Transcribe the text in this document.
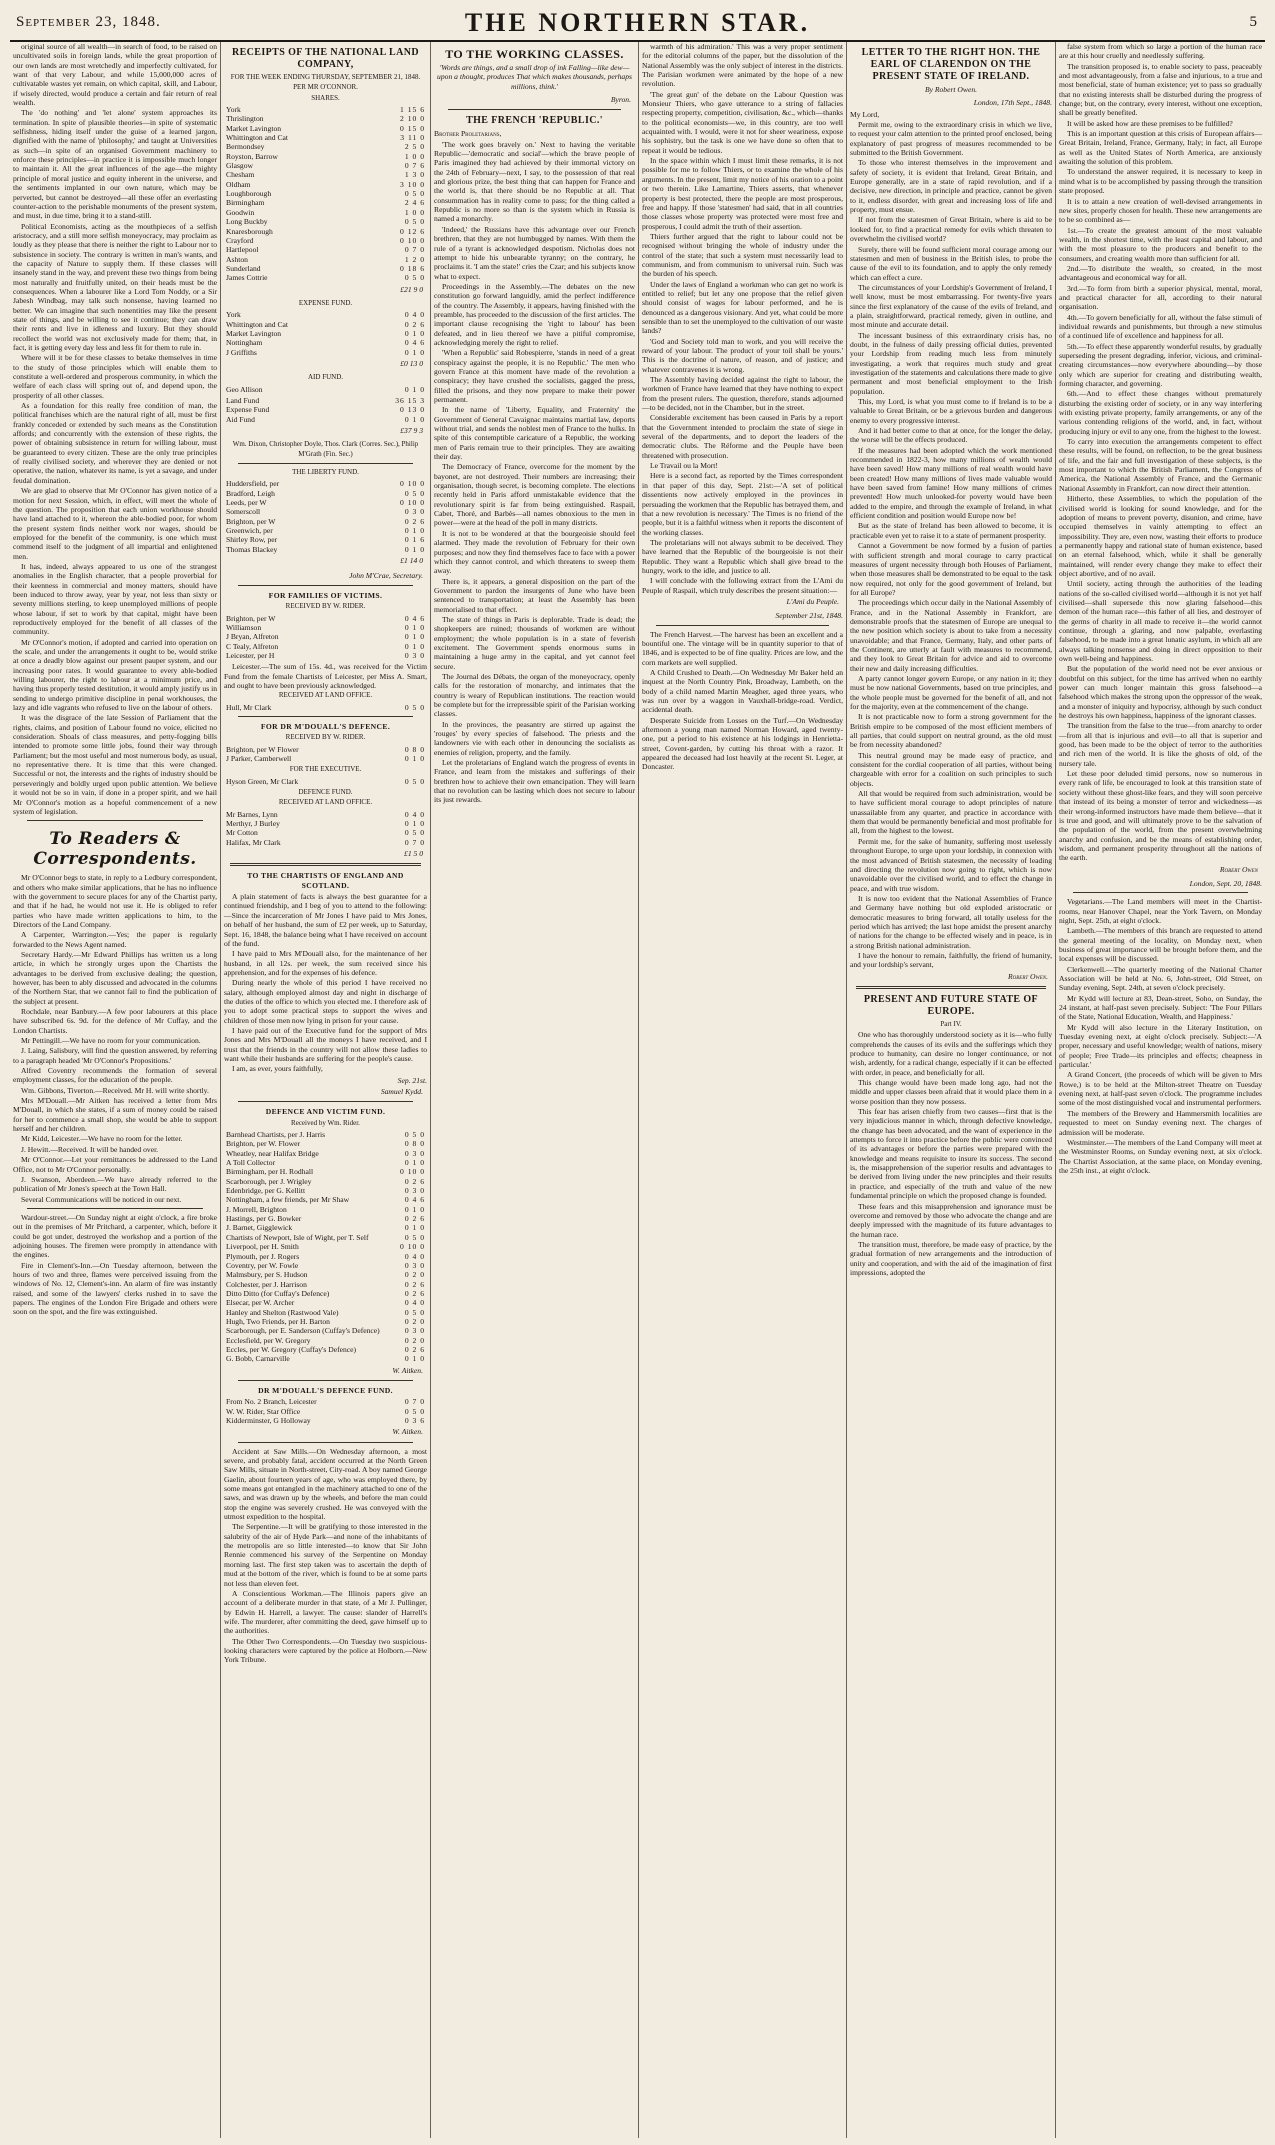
September 23, 1848.	THE NORTHERN STAR.	5

original source of all wealth—in search of food, to be raised on uncultivated soils in foreign lands, while the great proportion of our own lands are most wretchedly and imperfectly cultivated, for want of that very Labour, and while 15,000,000 acres of cultivatable wastes yet remain, on which capital, skill, and Labour, if wisely directed, would produce a certain and fair return of real wealth.

The 'do nothing' and 'let alone' system approaches its termination. In spite of plausible theories—in spite of systematic selfishness, hiding itself under the guise of a learned jargon, dignified with the name of 'philosophy,' and taught at Universities as such—in spite of an organised Government machinery to enforce these principles—in practice it is impossible much longer to maintain it. All the great influences of the age—the mighty principle of moral justice and equity inherent in the universe, and the sentiments implanted in our own nature, which may be perverted, but cannot be destroyed—all these offer an everlasting counter-action to the perishable monuments of the present system, and must, in due time, bring it to a stand-still.

Political Economists, acting as the mouthpieces of a selfish aristocracy, and a still more selfish moneyocracy, may proclaim as loudly as they please that there is neither the right to Labour nor to subsistence in society. The contrary is written in man's wants, and the capacity of Nature to supply them. If these classes will insanely stand in the way, and prevent these two things from being most naturally and fruitfully united, on their heads must be the consequences. When a labourer like a Lord Tom Noddy, or a Sir Jabesh Windbag, may talk such nonsense, having learned no better. We can imagine that such nonentities may like the present state of things, and be willing to see it continue; they can draw their rents and live in idleness and luxury. But they should recollect the world was not exclusively made for them; that, in fact, it is getting every day less and less fit for them to rule in.

Where will it be for these classes to betake themselves in time to the study of those principles which will enable them to constitute a well-ordered and prosperous community, in which the welfare of each class will spring out of, and depend upon, the prosperity of all other classes.

As a foundation for this really free condition of man, the political franchises which are the natural right of all, must be first frankly conceded or extended by such means as the Constitution affords; and concurrently with the extension of these rights, the power of obtaining subsistence in return for willing labour, must be guaranteed to every citizen. These are the only true principles of really civilised society, and wherever they are denied or not operative, the nation, whatever its name, is yet a savage, and under feudal domination.

We are glad to observe that Mr O'Connor has given notice of a motion for next Session, which, in effect, will meet the whole of the question. The proposition that each union workhouse should have land attached to it, whereon the able-bodied poor, for whom the present system finds neither work nor wages, should be employed for the benefit of the community, is one which must commend itself to the judgment of all impartial and enlightened men.

It has, indeed, always appeared to us one of the strangest anomalies in the English character, that a people proverbial for their keenness in commercial and money matters, should have been induced to throw away, year by year, not less than sixty or seventy millions sterling, to keep unemployed millions of people whose labour, if set to work by that capital, might have been reproductively employed for the benefit of all classes of the community.

Mr O'Connor's motion, if adopted and carried into operation on the scale, and under the arrangements it ought to be, would strike at once a deadly blow against our present pauper system, and our increasing poor rates. It would guarantee to every able-bodied willing labourer, the right to labour at a minimum price, and having thus properly tested destitution, it would amply justify us in sending to undergo primitive discipline in penal workhouses, the lazy and idle vagrants who refused to live on the labour of others.

It was the disgrace of the late Session of Parliament that the rights, claims, and position of Labour found no voice, elicited no consideration. Shoals of class measures, and petty-fogging bills intended to promote some little jobs, found their way through Parliament; but the most useful and most numerous body, as usual, no representative there. It is time that this were changed. Successful or not, the interests and the rights of industry should be perseveringly and boldly urged upon public attention. We believe it would not be so in vain, if done in a proper spirit, and we hail Mr O'Connor's motion as a hopeful commencement of a new system of legislation.

To Readers & Correspondents.

Mr O'Connor begs to state, in reply to a Ledbury correspondent, and others who make similar applications, that he has no influence with the government to secure places for any of the Chartist party, and that if he had, he would not use it. He is obliged to refer parties who have made written applications to him, to the Directors of the Land Company.

A Carpenter, Warrington.—Yes; the paper is regularly forwarded to the News Agent named.

Secretary Hardy.—Mr Edward Phillips has written us a long article, in which he strongly urges upon the Chartists the advantages to be derived from exclusive dealing; the question, however, has been to ably discussed and advocated in the columns of the Northern Star, that we cannot fail to find the publication of the subject at present.

Rochdale, near Banbury.—A few poor labourers at this place have subscribed 6s. 9d. for the defence of Mr Cuffay, and the London Chartists.

Mr Pettingill.—We have no room for your communication.

J. Laing, Salisbury, will find the question answered, by referring to a paragraph headed 'Mr O'Connor's Propositions.'

Alfred Coventry recommends the formation of several employment classes, for the education of the people.

Wm. Gibbons, Tiverton.—Received. Mr H. will write shortly.

Mrs M'Douall.—Mr Aitken has received a letter from Mrs M'Douall, in which she states, if a sum of money could be raised for her to commence a small shop, she would be able to support herself and her children.

Mr Kidd, Leicester.—We have no room for the letter.

J. Hewitt.—Received. It will be handed over.

Mr O'Connor.—Let your remittances be addressed to the Land Office, not to Mr O'Connor personally.

J. Swanson, Aberdeen.—We have already referred to the publication of Mr Jones's speech at the Town Hall.

Several Communications will be noticed in our next.

Wardour-street.—On Sunday night at eight o'clock, a fire broke out in the premises of Mr Pritchard, a carpenter, which, before it could be got under, destroyed the workshop and a portion of the adjoining houses. The firemen were promptly in attendance with the engines.

Fire in Clement's-Inn.—On Tuesday afternoon, between the hours of two and three, flames were perceived issuing from the windows of No. 12, Clement's-inn. An alarm of fire was instantly raised, and some of the lawyers' clerks rushed in to save the papers. The engines of the London Fire Brigade and others were soon on the spot, and the fire was extinguished.

RECEIPTS OF THE NATIONAL LAND COMPANY,
FOR THE WEEK ENDING THURSDAY, SEPTEMBER 21, 1848.
PER MR O'CONNOR.
SHARES.
York	1 15 6
Thrislington	2 10 0
Market Lavington	0 15 0
Whittington and Cat	3 11 0
Bermondsey	2 5 0
Royston, Barrow	1 0 0
Glasgow	0 7 6
Chesham	1 3 0
Oldham	3 10 0
Loughborough	0 5 0
Birmingham	2 4 6
Goodwin	1 0 0
Long Buckby	0 5 0
Knaresborough	0 12 6
Crayford	0 10 0
Hartlepool	0 7 0
Ashton	1 2 0
Sunderland	0 18 6
James Cottrie	0 5 0
£21 9 0
EXPENSE FUND.
York	0 4 0
Whittington and Cat	0 2 6
Market Lavington	0 1 0
Nottingham	0 4 6
J Griffiths	0 1 0
£0 13 0
AID FUND.
Geo Allison	0 1 0
Land Fund	36 15 3
Expense Fund	0 13 0
Aid Fund	0 1 0
£37 9 3
Wm. Dixon, Christopher Doyle, Thos. Clark (Corres. Sec.), Philip M'Grath (Fin. Sec.)
THE LIBERTY FUND.
Huddersfield, per	0 10 0
Bradford, Leigh	0 5 0
Leeds, per W	0 10 0
Somerscoll	0 3 0
Brighton, per W	0 2 6
Greenwich, per	0 1 0
Shirley Row, per	0 1 6
Thomas Blackey	0 1 0
£1 14 0
John M'Crae, Secretary.
FOR FAMILIES OF VICTIMS.
RECEIVED BY W. RIDER.
Brighton, per W	0 4 6
Williamson	0 1 0
J Bryan, Alfreton	0 1 0
C Tealy, Alfreton	0 1 0
Leicester, per H	0 3 0

Leicester.—The sum of 15s. 4d., was received for the Victim Fund from the female Chartists of Leicester, per Miss A. Smart, and ought to have been previously acknowledged.

RECEIVED AT LAND OFFICE.
Hull, Mr Clark	0 5 0
FOR DR M'DOUALL'S DEFENCE.
RECEIVED BY W. RIDER.
Brighton, per W Flower	0 8 0
J Parker, Camberwell	0 1 0
FOR THE EXECUTIVE.
Hyson Green, Mr Clark	0 5 0
DEFENCE FUND.
RECEIVED AT LAND OFFICE.
Mr Barnes, Lynn	0 4 0
Merthyr, J Burley	0 1 0
Mr Cotton	0 5 0
Halifax, Mr Clark	0 7 0
£1 5 0
TO THE CHARTISTS OF ENGLAND AND SCOTLAND.

A plain statement of facts is always the best guarantee for a continued friendship, and I beg of you to attend to the following:—Since the incarceration of Mr Jones I have paid to Mrs Jones, on behalf of her husband, the sum of £2 per week, up to Saturday, Sept. 16, 1848, the balance being what I have received on account of the fund.

I have paid to Mrs M'Douall also, for the maintenance of her husband, in all 12s. per week, the sum received since his apprehension, and for the expenses of his defence.

During nearly the whole of this period I have received no salary, although employed almost day and night in discharge of the duties of the office to which you elected me. I therefore ask of you to adopt some practical steps to support the wives and children of those men now lying in prison for your cause.

I have paid out of the Executive fund for the support of Mrs Jones and Mrs M'Douall all the moneys I have received, and I trust that the friends in the country will not allow these ladies to want while their husbands are suffering for the people's cause.

I am, as ever, yours faithfully,

Sep. 21st.
Samuel Kydd.
DEFENCE AND VICTIM FUND.
Received by Wm. Rider.
Barnhead Chartists, per J. Harris	0 5 0
Brighton, per W. Flower	0 8 0
Wheatley, near Halifax Bridge	0 3 0
A Toll Collector	0 1 0
Birmingham, per H. Rodhall	0 10 0
Scarborough, per J. Wrigley	0 2 6
Edenbridge, per G. Kellitt	0 3 0
Nottingham, a few friends, per Mr Shaw	0 4 6
J. Morrell, Brighton	0 1 0
Hastings, per G. Bowker	0 2 6
J. Barnet, Gigglewick	0 1 0
Chartists of Newport, Isle of Wight, per T. Self	0 5 0
Liverpool, per H. Smith	0 10 0
Plymouth, per J. Rogers	0 4 0
Coventry, per W. Fowle	0 3 0
Malmsbury, per S. Hudson	0 2 0
Colchester, per J. Harrison	0 2 6
Ditto Ditto (for Cuffay's Defence)	0 2 6
Elsecar, per W. Archer	0 4 0
Hanley and Shelton (Rastwood Vale)	0 5 0
Hugh, Two Friends, per H. Barton	0 2 0
Scarborough, per E. Sanderson (Cuffay's Defence)	0 3 0
Ecclesfield, per W. Gregory	0 2 0
Eccles, per W. Gregory (Cuffay's Defence)	0 2 6
G. Bobb, Carnarville	0 1 0
W. Aitken.
DR M'DOUALL'S DEFENCE FUND.
From No. 2 Branch, Leicester	0 7 0
W. W. Rider, Star Office	0 5 0
Kidderminster, G Holloway	0 3 6
W. Aitken.

Accident at Saw Mills.—On Wednesday afternoon, a most severe, and probably fatal, accident occurred at the North Green Saw Mills, situate in North-street, City-road. A boy named George Gaelin, about fourteen years of age, who was employed there, by some means got entangled in the machinery attached to one of the saws, and was drawn up by the wheels, and before the man could stop the engine was severely crushed. He was conveyed with the utmost expedition to the hospital.

The Serpentine.—It will be gratifying to those interested in the salubrity of the air of Hyde Park—and none of the inhabitants of the metropolis are so little interested—to know that Sir John Rennie commenced his survey of the Serpentine on Monday morning last. The first step taken was to ascertain the depth of mud at the bottom of the river, which is found to be at some parts not less than eleven feet.

A Conscientious Workman.—The Illinois papers give an account of a deliberate murder in that state, of a Mr J. Pullinger, by Edwin H. Harrell, a lawyer. The cause: slander of Harrell's wife. The murderer, after committing the deed, gave himself up to the authorities.

The Other Two Correspondents.—On Tuesday two suspicious-looking characters were captured by the police at Holborn.—New York Tribune.

TO THE WORKING CLASSES.
'Words are things, and a small drop of ink Falling—like dew—upon a thought, produces That which makes thousands, perhaps millions, think.'
Byron.
THE FRENCH 'REPUBLIC.'

Brother Proletarians,

'The work goes bravely on.' Next to having the veritable Republic—'democratic and social'—which the brave people of Paris imagined they had achieved by their immortal victory on the 24th of February—next, I say, to the possession of that real and glorious prize, the best thing that can happen for France and the world is, that there should be no Republic at all. That consummation has in reality come to pass; for the thing called a Republic is no more so than is the system which in Russia is named a monarchy.

'Indeed,' the Russians have this advantage over our French brethren, that they are not humbugged by names. With them the rule of a tyrant is acknowledged despotism. Nicholas does not attempt to hide his unbearable tyranny; on the contrary, he proclaims it. 'I am the state!' cries the Czar; and his subjects know what to expect.

Proceedings in the Assembly.—The debates on the new constitution go forward languidly, amid the perfect indifference of the country. The Assembly, it appears, having finished with the preamble, has proceeded to the discussion of the first articles. The important clause recognising the 'right to labour' has been defeated, and in lieu thereof we have a pitiful compromise, acknowledging merely the right to relief.

'When a Republic' said Robespierre, 'stands in need of a great conspiracy against the people, it is no Republic.' The men who govern France at this moment have made of the revolution a conspiracy; they have crushed the socialists, gagged the press, filled the prisons, and they now prepare to make their power permanent.

In the name of 'Liberty, Equality, and Fraternity' the Government of General Cavaignac maintains martial law, deports without trial, and sends the noblest men of France to the hulks. In spite of this contemptible caricature of a Republic, the working men of Paris remain true to their principles. They are awaiting their day.

The Democracy of France, overcome for the moment by the bayonet, are not destroyed. Their numbers are increasing; their organisation, though secret, is becoming complete. The elections recently held in Paris afford unmistakable evidence that the revolutionary spirit is far from being extinguished. Raspail, Cabet, Thoré, and Barbès—all names obnoxious to the men in power—were at the head of the poll in many districts.

It is not to be wondered at that the bourgeoisie should feel alarmed. They made the revolution of February for their own purposes; and now they find themselves face to face with a power which they cannot control, and which threatens to sweep them away.

There is, it appears, a general disposition on the part of the Government to pardon the insurgents of June who have been sentenced to transportation; at least the Assembly has been memorialised to that effect.

The state of things in Paris is deplorable. Trade is dead; the shopkeepers are ruined; thousands of workmen are without employment; the whole population is in a state of feverish excitement. The Government spends enormous sums in maintaining a huge army in the capital, and yet cannot feel secure.

The Journal des Débats, the organ of the moneyocracy, openly calls for the restoration of monarchy, and intimates that the country is weary of Republican institutions. The reaction would be complete but for the irrepressible spirit of the Parisian working classes.

In the provinces, the peasantry are stirred up against the 'rouges' by every species of falsehood. The priests and the landowners vie with each other in denouncing the socialists as enemies of religion, property, and the family.

Let the proletarians of England watch the progress of events in France, and learn from the mistakes and sufferings of their brethren how to achieve their own emancipation. They will learn that no revolution can be lasting which does not secure to labour its just rewards.

warmth of his admiration.' This was a very proper sentiment for the editorial columns of the paper, but the dissolution of the National Assembly was the only subject of interest in the districts. The Parisian workmen were animated by the hope of a new revolution.

'The great gun' of the debate on the Labour Question was Monsieur Thiers, who gave utterance to a string of fallacies respecting property, competition, civilisation, &c., which—thanks to the political economists—we, in this country, are too well acquainted with. I would, were it not for sheer weariness, expose his sophistry, but the task is one we have done so often that to repeat it would be tedious.

In the space within which I must limit these remarks, it is not possible for me to follow Thiers, or to examine the whole of his arguments. In the present, limit my notice of his oration to a point or two therein. Like Lamartine, Thiers asserts, that whenever property is best protected, there the people are most prosperous, free and happy. If those 'statesmen' had said, that in all countries those classes whose property was protected were most free and prosperous, I could admit the truth of their assertion.

Thiers further argued that the right to labour could not be recognised without bringing the whole of industry under the control of the state; that such a system must necessarily lead to communism, and from communism to universal ruin. Such was the burden of his speech.

Under the laws of England a workman who can get no work is entitled to relief; but let any one propose that the relief given should consist of wages for labour performed, and he is denounced as a dangerous visionary. And yet, what could be more sensible than to set the unemployed to the cultivation of our waste lands?

'God and Society told man to work, and you will receive the reward of your labour. The product of your toil shall be yours.' This is the doctrine of nature, of reason, and of justice; and whatever contravenes it is wrong.

The Assembly having decided against the right to labour, the workmen of France have learned that they have nothing to expect from the present rulers. The question, therefore, stands adjourned—to be decided, not in the Chamber, but in the street.

Considerable excitement has been caused in Paris by a report that the Government intended to proclaim the state of siege in several of the departments, and to deport the leaders of the democratic clubs. The Réforme and the Peuple have been threatened with prosecution.

Le Travail ou la Mort!

Here is a second fact, as reported by the Times correspondent in that paper of this day, Sept. 21st:—'A set of political dissentients now actively employed in the provinces in persuading the workmen that the Republic has betrayed them, and that a new revolution is necessary.' The Times is no friend of the people, but it is a faithful witness when it reports the discontent of the working classes.

The proletarians will not always submit to be deceived. They have learned that the Republic of the bourgeoisie is not their Republic. They want a Republic which shall give bread to the hungry, work to the idle, and justice to all.

I will conclude with the following extract from the L'Ami du Peuple of Raspail, which truly describes the present situation:—

L'Ami du Peuple.
September 21st, 1848.

The French Harvest.—The harvest has been an excellent and a bountiful one. The vintage will be in quantity superior to that of 1846, and is expected to be of fine quality. Prices are low, and the corn markets are well supplied.

A Child Crushed to Death.—On Wednesday Mr Baker held an inquest at the North Country Pink, Broadway, Lambeth, on the body of a child named Martin Meagher, aged three years, who was run over by a waggon in Vauxhall-bridge-road. Verdict, accidental death.

Desperate Suicide from Losses on the Turf.—On Wednesday afternoon a young man named Norman Howard, aged twenty-one, put a period to his existence at his lodgings in Henrietta-street, Covent-garden, by cutting his throat with a razor. It appeared the deceased had lost heavily at the recent St. Leger, at Doncaster.

LETTER TO THE RIGHT HON. THE EARL OF CLARENDON ON THE PRESENT STATE OF IRELAND.
By Robert Owen.
London, 17th Sept., 1848.

My Lord,

Permit me, owing to the extraordinary crisis in which we live, to request your calm attention to the printed proof enclosed, being explanatory of past progress of measures recommended to be submitted to the British Government.

To those who interest themselves in the improvement and safety of society, it is evident that Ireland, Great Britain, and Europe generally, are in a state of rapid revolution, and if a decisive, new direction, in principle and practice, cannot be given to it, endless disorder, with great and increasing loss of life and property, must ensue.

If not from the statesmen of Great Britain, where is aid to be looked for, to find a practical remedy for evils which threaten to overwhelm the civilised world?

Surely, there will be found sufficient moral courage among our statesmen and men of business in the British isles, to probe the cause of the evil to its foundation, and to apply the only remedy which can effect a cure.

The circumstances of your Lordship's Government of Ireland, I well know, must be most embarrassing. For twenty-five years since the first explanatory of the cause of the evils of Ireland, and a plain, straightforward, practical remedy, given in outline, and most minute and accurate detail.

The incessant business of this extraordinary crisis has, no doubt, in the fulness of daily pressing official duties, prevented your Lordship from reading much less from minutely investigating, a work that requires much study and great investigation of the statements and calculations there made to give permanent and most beneficial employment to the Irish population.

This, my Lord, is what you must come to if Ireland is to be a valuable to Great Britain, or be a grievous burden and dangerous enemy to every progressive interest.

And it had better come to that at once, for the longer the delay, the worse will be the effects produced.

If the measures had been adopted which the work mentioned recommended in 1822-3, how many millions of wealth would have been saved! How many millions of real wealth would have been created! How many millions of lives made valuable would have been saved from famine! How many millions of crimes prevented! How much unlooked-for poverty would have been added to the empire, and through the example of Ireland, in what efficient condition and position would Europe now be!

But as the state of Ireland has been allowed to become, it is practicable even yet to raise it to a state of permanent prosperity.

Cannot a Government be now formed by a fusion of parties with sufficient strength and moral courage to carry practical measures of urgent necessity through both Houses of Parliament, when those measures shall be demonstrated to be equal to the task now required, not only for the good government of Ireland, but for all Europe?

The proceedings which occur daily in the National Assembly of France, and in the National Assembly in Frankfort, are demonstrable proofs that the statesmen of Europe are unequal to the new position which society is about to take from a necessity unavoidable; and that France, Germany, Italy, and other parts of the Continent, are utterly at fault with measures to recommend, and they look to Great Britain for advice and aid to overcome their new and daily increasing difficulties.

A party cannot longer govern Europe, or any nation in it; they must be now national Governments, based on true principles, and the whole people must be governed for the benefit of all, and not for the majority, even at the commencement of the change.

It is not practicable now to form a strong government for the British empire to be composed of the most efficient members of all parties, that could support on neutral ground, as the old must be from necessity abandoned?

This neutral ground may be made easy of practice, and consistent for the cordial cooperation of all parties, without being chargeable with error for a coalition on such principles to such objects.

All that would be required from such administration, would be to have sufficient moral courage to adopt principles of nature unassailable from any quarter, and practice in accordance with them that would be permanently beneficial and most profitable for all, from the highest to the lowest.

Permit me, for the sake of humanity, suffering most uselessly throughout Europe, to urge upon your lordship, in connexion with the most advanced of British statesmen, the necessity of leading and directing the revolution now going to right, which is now unavoidable over the civilised world, and to effect the change in peace, and with true wisdom.

It is now too evident that the National Assemblies of France and Germany have nothing but old exploded aristocratic or democratic measures to bring forward, all totally useless for the period which has arrived; the last hope amidst the present anarchy of nations for the change to be effected wisely and in peace, is in a strong British national administration.

I have the honour to remain, faithfully, the friend of humanity, and your lordship's servant,

Robert Owen.
PRESENT AND FUTURE STATE OF EUROPE.
Part IV.

One who has thoroughly understood society as it is—who fully comprehends the causes of its evils and the sufferings which they produce to humanity, can desire no longer continuance, or not wish, ardently, for a radical change, especially if it can be effected with order, in peace, and beneficially for all.

This change would have been made long ago, had not the middle and upper classes been afraid that it would place them in a worse position than they now possess.

This fear has arisen chiefly from two causes—first that is the very injudicious manner in which, through defective knowledge, the change has been advocated, and the want of experience in the attempts to force it into practice before the public were convinced of its advantages or before the parties were prepared with the knowledge and means requisite to insure its success. The second is, the misapprehension of the superior results and advantages to be derived from living under the new principles and their results in practice, and especially of the truth and value of the new fundamental principle on which the proposed change is founded.

These fears and this misapprehension and ignorance must be overcome and removed by those who advocate the change and are deeply impressed with the magnitude of its future advantages to the human race.

The transition must, therefore, be made easy of practice, by the gradual formation of new arrangements and the introduction of unity and cooperation, and with the aid of the imagination of first impressions, adopted the

false system from which so large a portion of the human race are at this hour cruelly and needlessly suffering.

The transition proposed is, to enable society to pass, peaceably and most advantageously, from a false and injurious, to a true and most beneficial, state of human existence; yet to pass so gradually that no existing interests shall be disturbed during the progress of change; but, on the contrary, every interest, without one exception, shall be greatly benefited.

It will be asked how are these premises to be fulfilled?

This is an important question at this crisis of European affairs—Great Britain, Ireland, France, Germany, Italy; in fact, all Europe as well as the United States of North America, are anxiously awaiting the solution of this problem.

To understand the answer required, it is necessary to keep in mind what is to be accomplished by passing through the transition state proposed.

It is to attain a new creation of well-devised arrangements in new sites, properly chosen for health. These new arrangements are to be so combined as—

1st.—To create the greatest amount of the most valuable wealth, in the shortest time, with the least capital and labour, and with the most pleasure to the producers and benefit to the consumers, and creating wealth more than sufficient for all.

2nd.—To distribute the wealth, so created, in the most advantageous and economical way for all.

3rd.—To form from birth a superior physical, mental, moral, and practical character for all, according to their natural organisation.

4th.—To govern beneficially for all, without the false stimuli of individual rewards and punishments, but through a new stimulus of a continued life of excellence and happiness for all.

5th.—To effect these apparently wonderful results, by gradually superseding the present degrading, inferior, vicious, and criminal-creating circumstances—now everywhere abounding—by those only which are superior for creating and distributing wealth, forming character, and governing.

6th.—And to effect these changes without prematurely disturbing the existing order of society, or in any way interfering with existing private property, family arrangements, or any of the various contending religions of the world, and, in fact, without producing injury or evil to any one, from the highest to the lowest.

To carry into execution the arrangements competent to effect these results, will be found, on reflection, to be the great business of life, and the fair and full investigation of these subjects, is the most important to which the British Parliament, the Congress of America, the National Assembly of France, and the Germanic National Assembly in Frankfort, can now direct their attention.

Hitherto, these Assemblies, to which the population of the civilised world is looking for sound knowledge, and for the adoption of means to prevent poverty, disunion, and crime, have occupied themselves in vainly attempting to effect an impossibility. They are, even now, wasting their efforts to produce a permanently happy and rational state of human existence, based on an eternal falsehood, which, while it shall be generally maintained, will render every change they make to effect their object abortive, and of no avail.

Until society, acting through the authorities of the leading nations of the so-called civilised world—although it is not yet half civilised—shall supersede this now glaring falsehood—this demon of the human race—this father of all lies, and destroyer of the germs of charity in all made to receive it—the world cannot continue, through a glaring, and now palpable, everlasting falsehood, to be made into a great lunatic asylum, in which all are always talking nonsense and doing in direct opposition to their own well-being and happiness.

But the population of the world need not be ever anxious or doubtful on this subject, for the time has arrived when no earthly power can much longer maintain this gross falsehood—a falsehood which makes the strong upon the oppressor of the weak, and a monster of iniquity and hypocrisy, although by such conduct he destroys his own happiness, happiness of the ignorant classes.

The transition from the false to the true—from anarchy to order—from all that is injurious and evil—to all that is superior and good, has been made to be the object of terror to the authorities and rich men of the world. It is like the ghosts of old, of the nursery tale.

Let these poor deluded timid persons, now so numerous in every rank of life, be encouraged to look at this transition state of society without these ghost-like fears, and they will soon perceive that instead of its being a monster of terror and wickedness—as their wrong-informed instructors have made them believe—that it is true and good, and will ultimately prove to be the salvation of the population of the world, from the present overwhelming anarchy and confusion, and be the means of establishing order, wisdom, and permanent prosperity throughout all the nations of the earth.

Robert Owen
London, Sept. 20, 1848.

Vegetarians.—The Land members will meet in the Chartist-rooms, near Hanover Chapel, near the York Tavern, on Monday night, Sept. 25th, at eight o'clock.

Lambeth.—The members of this branch are requested to attend the general meeting of the locality, on Monday next, when business of great importance will be brought before them, and the local expenses will be discussed.

Clerkenwell.—The quarterly meeting of the National Charter Association will be held at No. 6, John-street, Old Street, on Sunday evening, Sept. 24th, at seven o'clock precisely.

Mr Kydd will lecture at 83, Dean-street, Soho, on Sunday, the 24 instant, at half-past seven precisely. Subject: 'The Four Pillars of the State, National Education, Wealth, and Happiness.'

Mr Kydd will also lecture in the Literary Institution, on Tuesday evening next, at eight o'clock precisely. Subject:—'A proper, necessary and useful knowledge; wealth of nations, misery of people; Free Trade—its principles and effects; cheapness in particular.'

A Grand Concert, (the proceeds of which will be given to Mrs Rowe,) is to be held at the Milton-street Theatre on Tuesday evening next, at half-past seven o'clock. The programme includes some of the most distinguished vocal and instrumental performers.

The members of the Brewery and Hammersmith localities are requested to meet on Sunday evening next. The charges of admission will be moderate.

Westminster.—The members of the Land Company will meet at the Westminster Rooms, on Sunday evening next, at six o'clock. The Chartist Association, at the same place, on Monday evening, the 25th inst., at eight o'clock.
